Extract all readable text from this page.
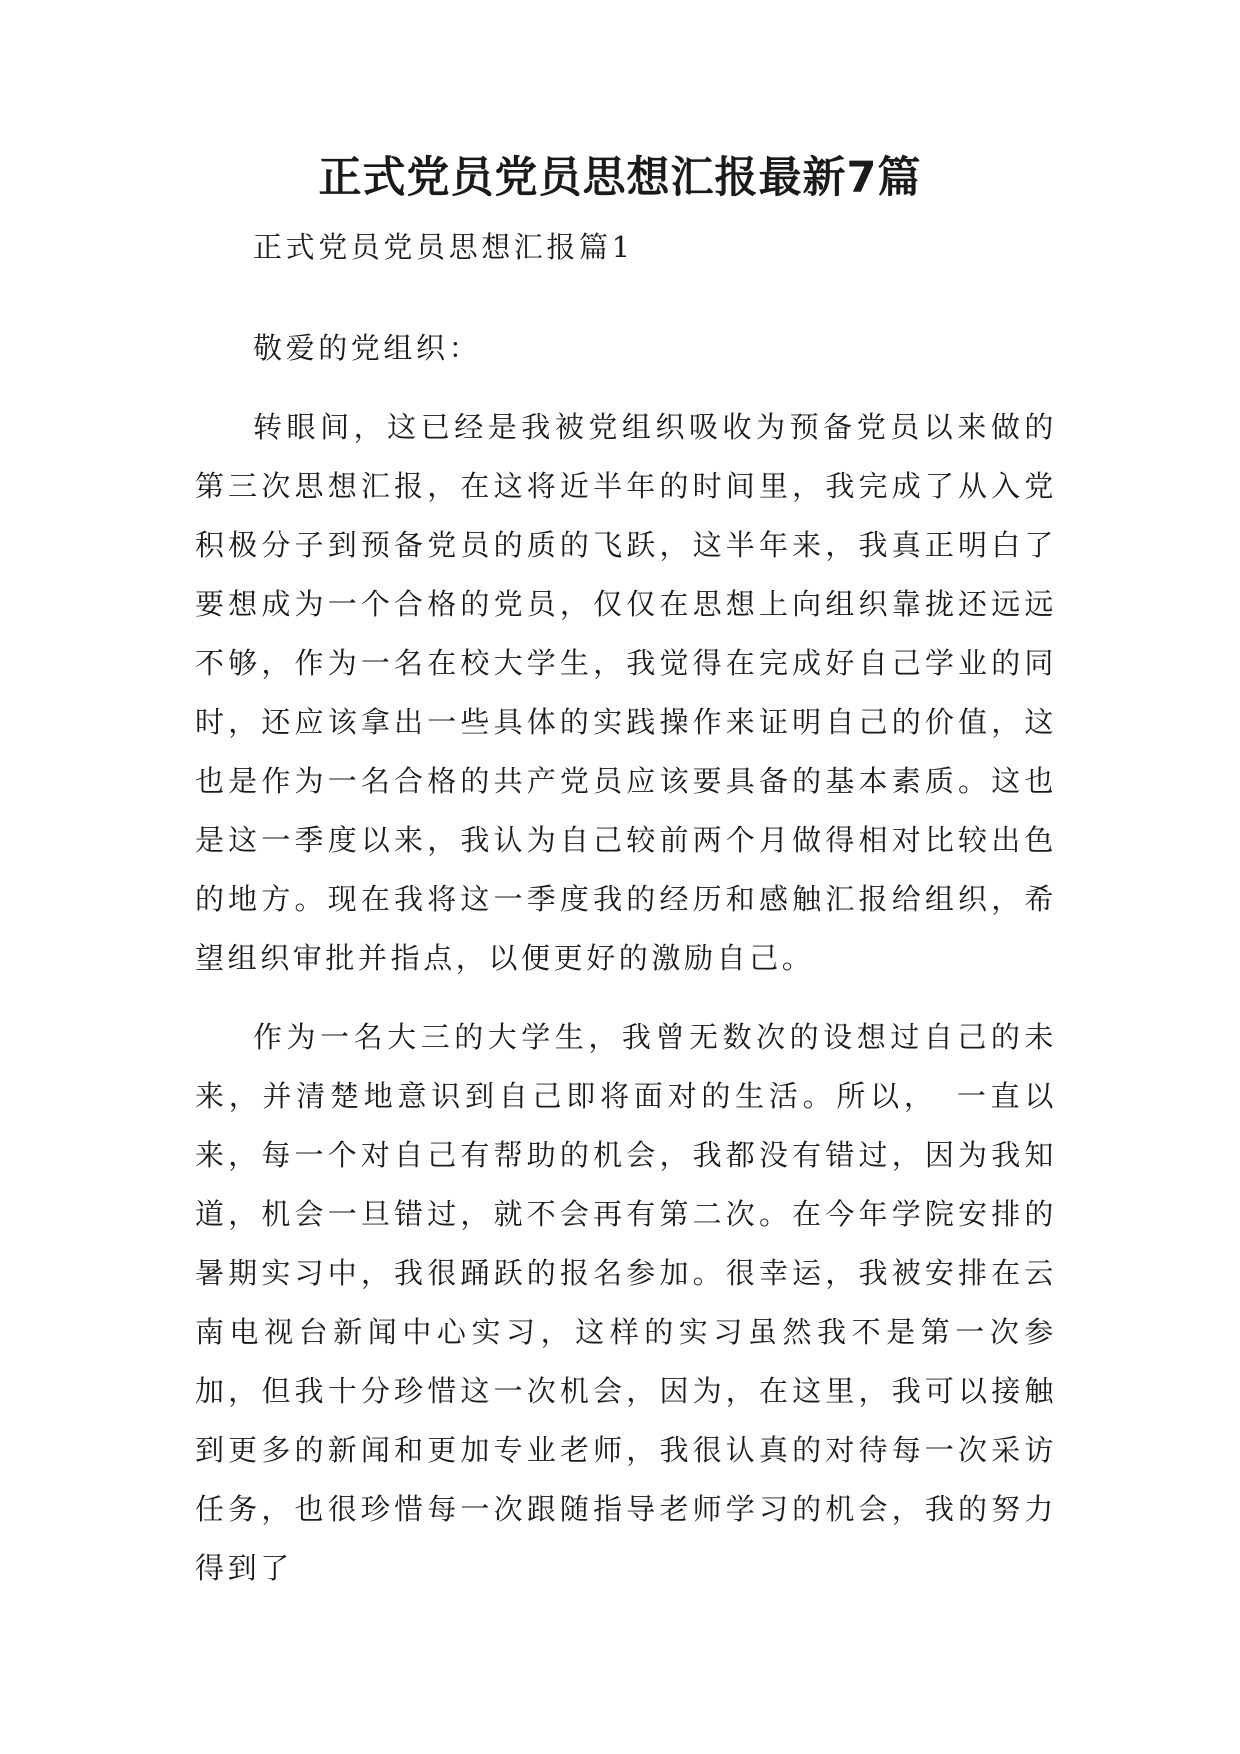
正式党员党员思想汇报最新7篇

正式党员党员思想汇报篇1

敬爱的党组织：

转眼间，这已经是我被党组织吸收为预备党员以来做的第三次思想汇报，在这将近半年的时间里，我完成了从入党积极分子到预备党员的质的飞跃，这半年来，我真正明白了要想成为一个合格的党员，仅仅在思想上向组织靠拢还远远不够，作为一名在校大学生，我觉得在完成好自己学业的同时，还应该拿出一些具体的实践操作来证明自己的价值，这也是作为一名合格的共产党员应该要具备的基本素质。这也是这一季度以来，我认为自己较前两个月做得相对比较出色的地方。现在我将这一季度我的经历和感触汇报给组织，希望组织审批并指点，以便更好的激励自己。

作为一名大三的大学生，我曾无数次的设想过自己的未来，并清楚地意识到自己即将面对的生活。所以，　一直以来，每一个对自己有帮助的机会，我都没有错过，因为我知道，机会一旦错过，就不会再有第二次。在今年学院安排的暑期实习中，我很踊跃的报名参加。很幸运，我被安排在云南电视台新闻中心实习，这样的实习虽然我不是第一次参加，但我十分珍惜这一次机会，因为，在这里，我可以接触到更多的新闻和更加专业老师，我很认真的对待每一次采访任务，也很珍惜每一次跟随指导老师学习的机会，我的努力得到了
